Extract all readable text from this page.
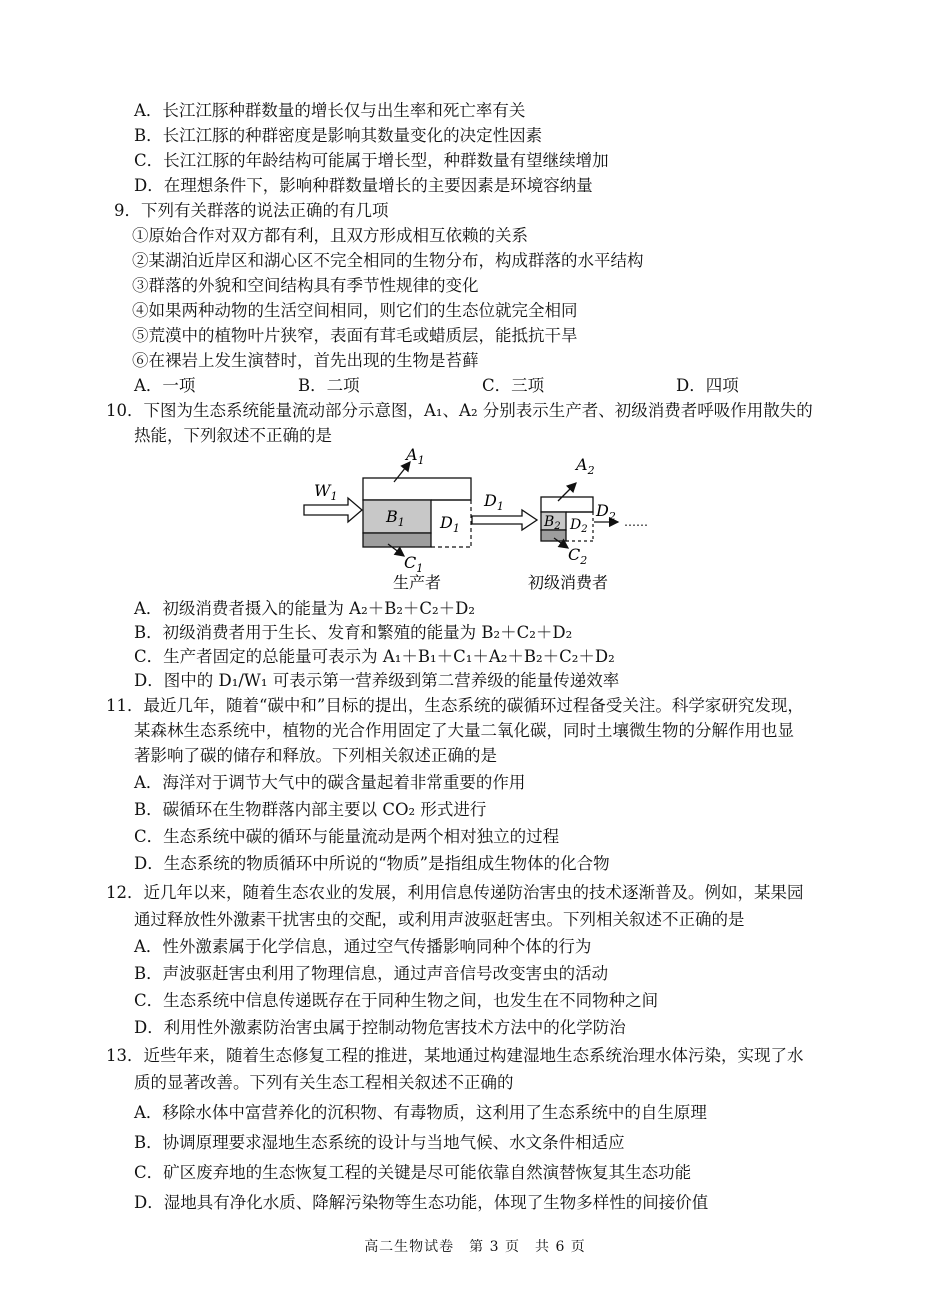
A．长江江豚种群数量的增长仅与出生率和死亡率有关
B．长江江豚的种群密度是影响其数量变化的决定性因素
C．长江江豚的年龄结构可能属于增长型，种群数量有望继续增加
D．在理想条件下，影响种群数量增长的主要因素是环境容纳量
9．下列有关群落的说法正确的有几项
①原始合作对双方都有利，且双方形成相互依赖的关系
②某湖泊近岸区和湖心区不完全相同的生物分布，构成群落的水平结构
③群落的外貌和空间结构具有季节性规律的变化
④如果两种动物的生活空间相同，则它们的生态位就完全相同
⑤荒漠中的植物叶片狭窄，表面有茸毛或蜡质层，能抵抗干旱
⑥在裸岩上发生演替时，首先出现的生物是苔藓
A．一项	B．二项	C．三项	D．四项
10．下图为生态系统能量流动部分示意图，A₁、A₂ 分别表示生产者、初级消费者呼吸作用散失的
热能，下列叙述不正确的是
$W_1$
$A_1$
$B_1$ $D_1$
$C_1$
$D_1$
$A_2$
$B_2$ $D_2$
$C_2$
$D_2$ ……
生产者	初级消费者
A．初级消费者摄入的能量为 A₂＋B₂＋C₂＋D₂
B．初级消费者用于生长、发育和繁殖的能量为 B₂＋C₂＋D₂
C．生产者固定的总能量可表示为 A₁＋B₁＋C₁＋A₂＋B₂＋C₂＋D₂
D．图中的 D₁/W₁ 可表示第一营养级到第二营养级的能量传递效率
11．最近几年，随着“碳中和”目标的提出，生态系统的碳循环过程备受关注。科学家研究发现，
某森林生态系统中，植物的光合作用固定了大量二氧化碳，同时土壤微生物的分解作用也显
著影响了碳的储存和释放。下列相关叙述正确的是
A．海洋对于调节大气中的碳含量起着非常重要的作用
B．碳循环在生物群落内部主要以 CO₂ 形式进行
C．生态系统中碳的循环与能量流动是两个相对独立的过程
D．生态系统的物质循环中所说的“物质”是指组成生物体的化合物
12．近几年以来，随着生态农业的发展，利用信息传递防治害虫的技术逐渐普及。例如，某果园
通过释放性外激素干扰害虫的交配，或利用声波驱赶害虫。下列相关叙述不正确的是
A．性外激素属于化学信息，通过空气传播影响同种个体的行为
B．声波驱赶害虫利用了物理信息，通过声音信号改变害虫的活动
C．生态系统中信息传递既存在于同种生物之间，也发生在不同物种之间
D．利用性外激素防治害虫属于控制动物危害技术方法中的化学防治
13．近些年来，随着生态修复工程的推进，某地通过构建湿地生态系统治理水体污染，实现了水
质的显著改善。下列有关生态工程相关叙述不正确的
A．移除水体中富营养化的沉积物、有毒物质，这利用了生态系统中的自生原理
B．协调原理要求湿地生态系统的设计与当地气候、水文条件相适应
C．矿区废弃地的生态恢复工程的关键是尽可能依靠自然演替恢复其生态功能
D．湿地具有净化水质、降解污染物等生态功能，体现了生物多样性的间接价值
高二生物试卷　第 3 页　共 6 页
